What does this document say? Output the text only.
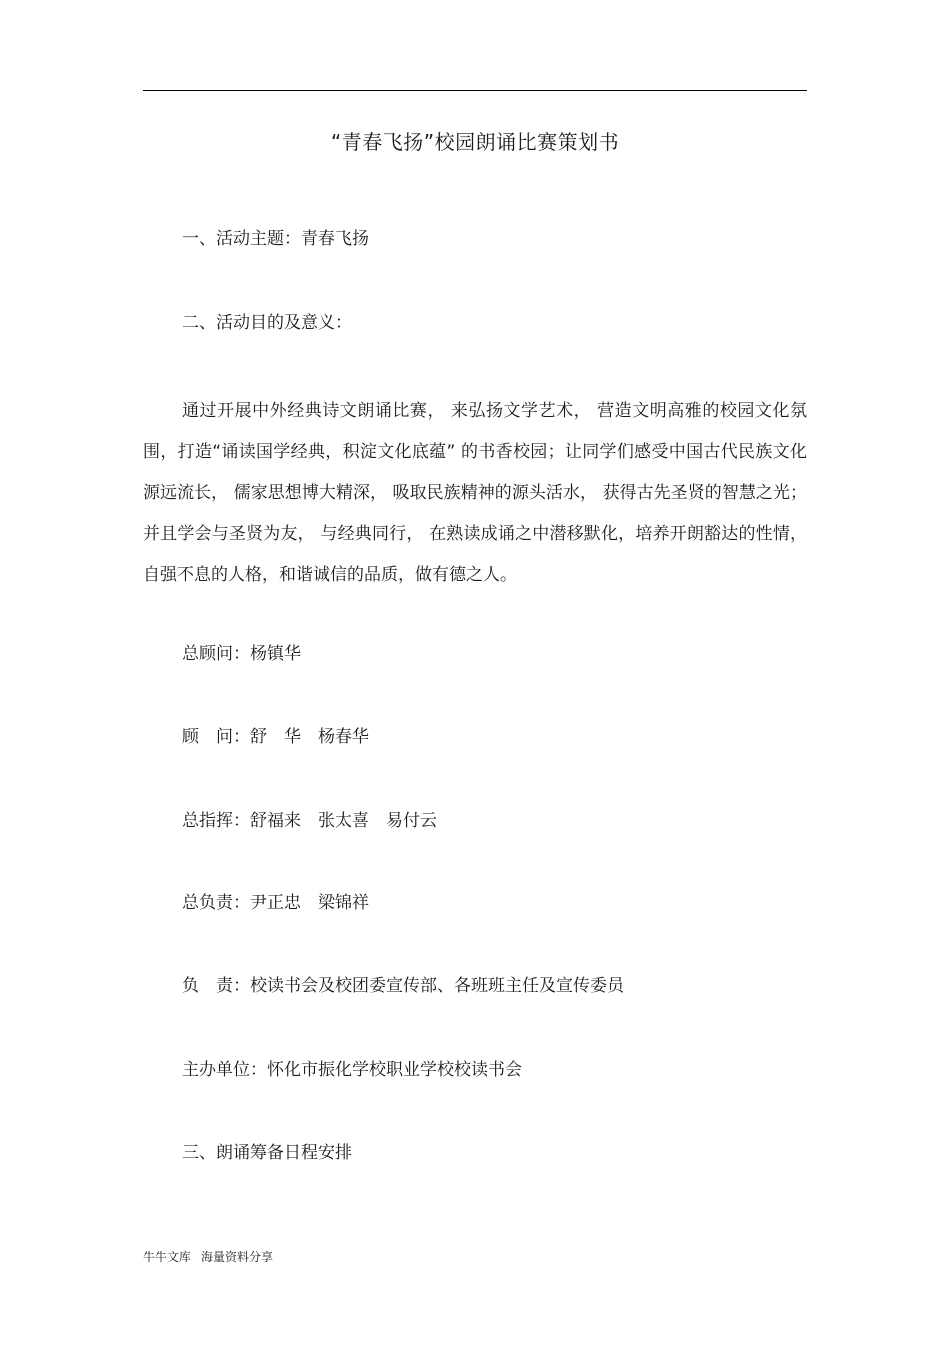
“青春飞扬”校园朗诵比赛策划书
一、活动主题：青春飞扬
二、活动目的及意义：
通过开展中外经典诗文朗诵比赛， 来弘扬文学艺术， 营造文明高雅的校园文化氛围，打造“诵读国学经典，积淀文化底蕴” 的书香校园；让同学们感受中国古代民族文化源远流长， 儒家思想博大精深， 吸取民族精神的源头活水， 获得古先圣贤的智慧之光； 并且学会与圣贤为友， 与经典同行， 在熟读成诵之中潜移默化，培养开朗豁达的性情，自强不息的人格，和谐诚信的品质，做有德之人。
总顾问：杨镇华
顾　问：舒　华　杨春华
总指挥：舒福来　张太喜　易付云
总负责：尹正忠　梁锦祥
负　责：校读书会及校团委宣传部、各班班主任及宣传委员
主办单位：怀化市振化学校职业学校校读书会
三、朗诵筹备日程安排
牛牛文库 海量资料分享
